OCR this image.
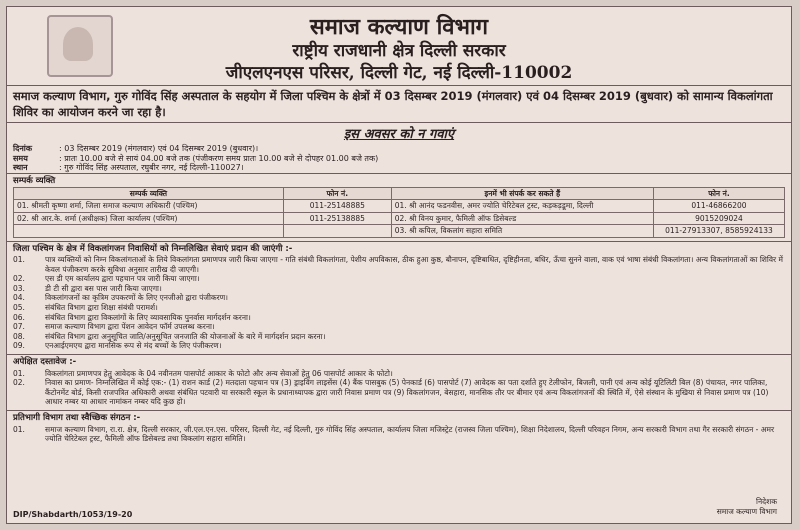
समाज कल्याण विभाग
राष्ट्रीय राजधानी क्षेत्र दिल्ली सरकार
जीएलएनएस परिसर, दिल्ली गेट, नई दिल्ली-110002
समाज कल्याण विभाग, गुरु गोविंद सिंह अस्पताल के सहयोग में जिला पश्चिम के क्षेत्रों में 03 दिसम्बर 2019 (मंगलवार) एवं 04 दिसम्बर 2019 (बुधवार) को सामान्य विकलांगता शिविर का आयोजन करने जा रहा है।
इस अवसर को न गवाएं
दिनांक	: 03 दिसम्बर 2019 (मंगलवार) एवं 04 दिसम्बर 2019 (बुधवार)।
समय	: प्रातः 10.00 बजे से सायं 04.00 बजे तक (पंजीकरण समय प्रातः 10.00 बजे से दोपहर 01.00 बजे तक)
स्थान	: गुरु गोविंद सिंह अस्पताल, रघुबीर नगर, नई दिल्ली-110027।
सम्पर्क व्यक्ति
सम्पर्क व्यक्ति	फोन नं.	इनमें भी संपर्क कर सकते हैं	फोन नं.
01. श्रीमती कृष्णा शर्मा, जिला समाज कल्याण अधिकारी (पश्चिम)	011-25148885	01. श्री आनंद फडनवीस, अमर ज्योति चेरिटेबल ट्रस्ट, कड़कड़डूमा, दिल्ली	011-46866200
02. श्री आर.के. शर्मा (अधीक्षक) जिला कार्यालय (पश्चिम)	011-25138885	02. श्री विनय कुमार, फैमिली ऑफ डिसेबल्ड	9015209024
		03. श्री कपिल, विकलांग सहारा समिति	011-27913307, 8585924133
जिला पश्चिम के क्षेत्र में विकलांगजन निवासियों को निम्नलिखित सेवाएं प्रदान की जाएंगी :-
01.	पात्र व्यक्तियों को निम्न विकलांगताओं के लिये विकलांगता प्रमाणपत्र जारी किया जाएगा - गति संबंधी विकलांगता, पेशीय अपविकास, ठीक हुआ कुष्ठ, बौनापन, दृष्टिबाधित, दृष्टिहीनता, बधिर, ऊँचा सुनने वाला, वाक एवं भाषा संबंधी विकलांगता। अन्य विकलांगताओं का शिविर में केवल पंजीकरण करके सुविधा अनुसार तारीख दी जाएगी।
02.	एस डी एम कार्यालय द्वारा पहचान पत्र जारी किया जाएगा।
03.	डी टी सी द्वारा बस पास जारी किया जाएगा।
04.	विकलांगजनों का कृत्रिम उपकरणों के लिए एनजीओ द्वारा पंजीकरण।
05.	संबंधित विभाग द्वारा शिक्षा संबंधी परामर्श।
06.	संबंधित विभाग द्वारा विकलांगों के लिए व्यावसायिक पुनर्वास मार्गदर्शन करना।
07.	समाज कल्याण विभाग द्वारा पेंशन आवेदन फॉर्म उपलब्ध करना।
08.	संबंधित विभाग द्वारा अनुसूचित जाति/अनुसूचित जनजाति की योजनाओं के बारे में मार्गदर्शन प्रदान करना।
09.	एनआईएमएच द्वारा मानसिक रूप से मंद बच्चों के लिए पंजीकरण।
अपेक्षित दस्तावेज :-
01.	विकलांगता प्रमाणपत्र हेतु आवेदक के 04 नवीनतम पासपोर्ट आकार के फोटो और अन्य सेवाओं हेतु 06 पासपोर्ट आकार के फोटो।
02.	निवास का प्रमाण- निम्नलिखित में कोई एक:- (1) राशन कार्ड (2) मतदाता पहचान पत्र (3) ड्राइविंग लाइसेंस (4) बैंक पासबुक (5) पेनकार्ड (6) पासपोर्ट (7) आवेदक का पता दर्शाते हुए टेलीफोन, बिजली, पानी एवं अन्य कोई यूटिलिटी बिल (8) पंचायत, नगर पालिका, कैंटोनमेंट बोर्ड, किसी राजपत्रित अधिकारी अथवा संबंधित पटवारी या सरकारी स्कूल के प्रधानाध्यापक द्वारा जारी निवास प्रमाण पत्र (9) विकलांगजन, बेसहारा, मानसिक तौर पर बीमार एवं अन्य विकलांगजनों की स्थिति में, ऐसे संस्थान के मुखिया से निवास प्रमाण पत्र (10) आधार नम्बर या आधार नामांकन नम्बर यदि कुछ हो।
प्रतिभागी विभाग तथा स्वैच्छिक संगठन :-
01.	समाज कल्याण विभाग, रा.रा. क्षेत्र, दिल्ली सरकार, जी.एल.एन.एस. परिसर, दिल्ली गेट, नई दिल्ली, गुरु गोविंद सिंह अस्पताल, कार्यालय जिला मजिस्ट्रेट (राजस्व जिला पश्चिम), शिक्षा निदेशालय, दिल्ली परिवहन निगम, अन्य सरकारी विभाग तथा गैर सरकारी संगठन - अमर ज्योति चेरिटेबल ट्रस्ट, फैमिली ऑफ डिसेबल्ड तथा विकलांग सहारा समिति।
DIP/Shabdarth/1053/19-20
निदेशक
समाज कल्याण विभाग
